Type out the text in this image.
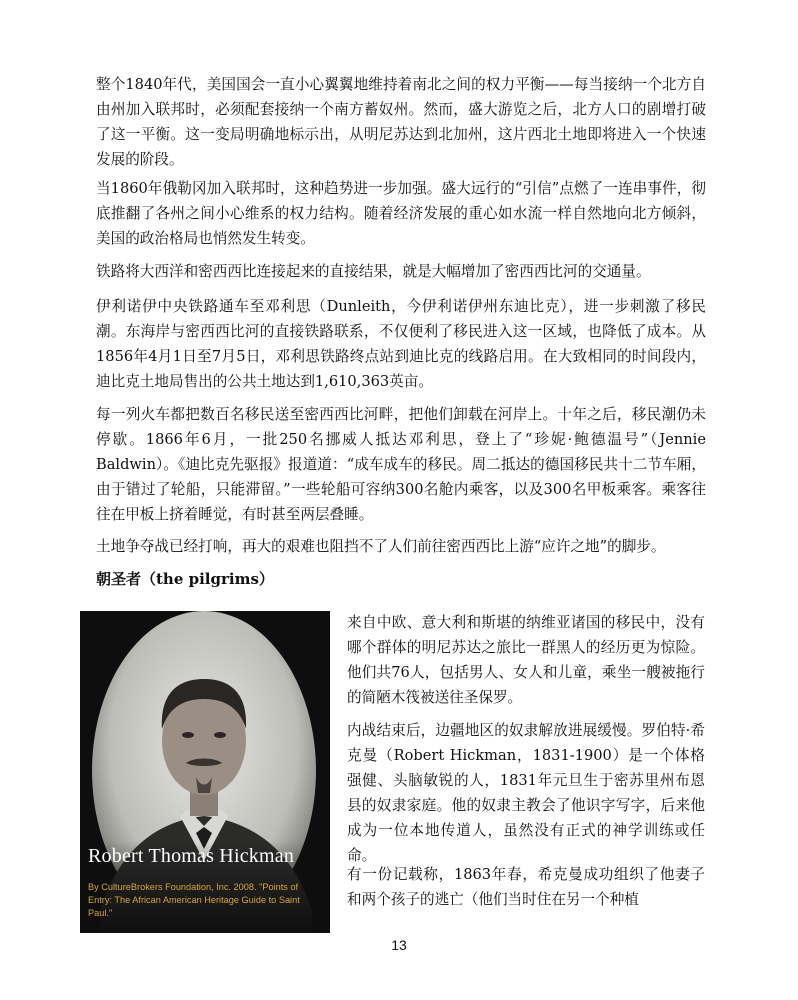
整个1840年代，美国国会一直小心翼翼地维持着南北之间的权力平衡——每当接纳一个北方自由州加入联邦时，必须配套接纳一个南方蓄奴州。然而，盛大游览之后，北方人口的剧增打破了这一平衡。这一变局明确地标示出，从明尼苏达到北加州，这片西北土地即将进入一个快速发展的阶段。

当1860年俄勒冈加入联邦时，这种趋势进一步加强。盛大远行的“引信”点燃了一连串事件，彻底推翻了各州之间小心维系的权力结构。随着经济发展的重心如水流一样自然地向北方倾斜，美国的政治格局也悄然发生转变。

铁路将大西洋和密西西比连接起来的直接结果，就是大幅增加了密西西比河的交通量。

伊利诺伊中央铁路通车至邓利思（Dunleith，今伊利诺伊州东迪比克），进一步刺激了移民潮。东海岸与密西西比河的直接铁路联系，不仅便利了移民进入这一区域，也降低了成本。从1856年4月1日至7月5日，邓利思铁路终点站到迪比克的线路启用。在大致相同的时间段内，迪比克土地局售出的公共土地达到1,610,363英亩。

每一列火车都把数百名移民送至密西西比河畔，把他们卸载在河岸上。十年之后，移民潮仍未停歇。1866年6月，一批250名挪威人抵达邓利思，登上了“珍妮·鲍德温号”（Jennie Baldwin）。《迪比克先驱报》报道道：“成车成车的移民。周二抵达的德国移民共十二节车厢，由于错过了轮船，只能滞留。”一些轮船可容纳300名舱内乘客，以及300名甲板乘客。乘客往往在甲板上挤着睡觉，有时甚至两层叠睡。

土地争夺战已经打响，再大的艰难也阻挡不了人们前往密西西比上游“应许之地”的脚步。

朝圣者（the pilgrims）

Robert Thomas Hickman
By CultureBrokers Foundation, Inc. 2008. "Points of Entry: The African American Heritage Guide to Saint Paul."

来自中欧、意大利和斯堪的纳维亚诸国的移民中，没有哪个群体的明尼苏达之旅比一群黑人的经历更为惊险。他们共76人，包括男人、女人和儿童，乘坐一艘被拖行的简陋木筏被送往圣保罗。

内战结束后，边疆地区的奴隶解放进展缓慢。罗伯特·希克曼（Robert Hickman，1831-1900）是一个体格强健、头脑敏锐的人，1831年元旦生于密苏里州布恩县的奴隶家庭。他的奴隶主教会了他识字写字，后来他成为一位本地传道人，虽然没有正式的神学训练或任命。

有一份记载称，1863年春，希克曼成功组织了他妻子和两个孩子的逃亡（他们当时住在另一个种植

13
